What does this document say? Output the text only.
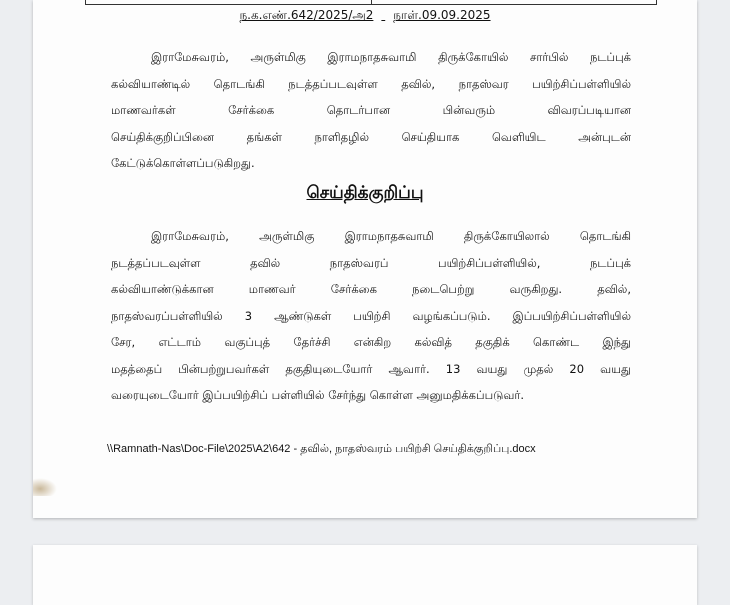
ந.க.எண்.642/2025/அ2 நாள்.09.09.2025
இராமேசுவரம், அருள்மிகு இராமநாதசுவாமி திருக்கோயில் சார்பில் நடப்புக்
கல்வியாண்டில் தொடங்கி நடத்தப்படவுள்ள தவில், நாதஸ்வர பயிற்சிப்பள்ளியில்
மாணவர்கள் சேர்க்கை தொடர்பான பின்வரும் விவரப்படியான
செய்திக்குறிப்பினை தங்கள் நாளிதழில் செய்தியாக வெளியிட அன்புடன்
கேட்டுக்கொள்ளப்படுகிறது.
செய்திக்குறிப்பு
இராமேசுவரம், அருள்மிகு இராமநாதசுவாமி திருக்கோயிலால் தொடங்கி
நடத்தப்படவுள்ள தவில் நாதஸ்வரப் பயிற்சிப்பள்ளியில், நடப்புக்
கல்வியாண்டுக்கான மாணவர் சேர்க்கை நடைபெற்று வருகிறது. தவில்,
நாதஸ்வரப்பள்ளியில் 3 ஆண்டுகள் பயிற்சி வழங்கப்படும். இப்பயிற்சிப்பள்ளியில்
சேர, எட்டாம் வகுப்புத் தேர்ச்சி என்கிற கல்வித் தகுதிக் கொண்ட இந்து
மதத்தைப் பின்பற்றுபவர்கள் தகுதியுடையோர் ஆவார். 13 வயது முதல் 20 வயது
வரையுடையோர் இப்பயிற்சிப் பள்ளியில் சேர்ந்து கொள்ள அனுமதிக்கப்படுவர்.
\\Ramnath-Nas\Doc-File\2025\A2\642 - தவில், நாதஸ்வரம் பயிற்சி செய்திக்குறிப்பு.docx
